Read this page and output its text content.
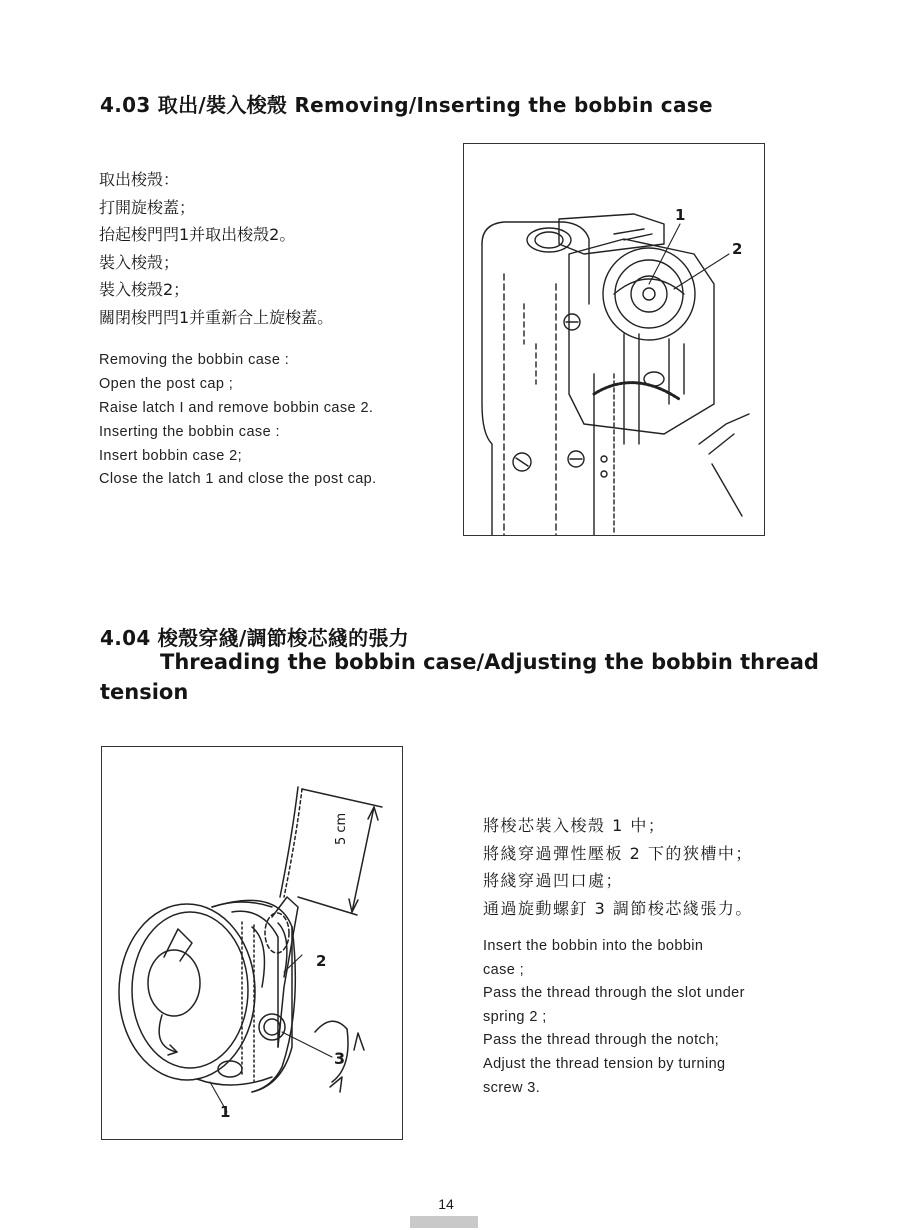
4.03 取出/裝入梭殼 Removing/Inserting the bobbin case
取出梭殼：
打開旋梭蓋；
抬起梭門閂1并取出梭殼2。
裝入梭殼；
裝入梭殼2；
關閉梭門閂1并重新合上旋梭蓋。
Removing the bobbin case :
Open the post cap ;
Raise latch I and remove bobbin case 2.
Inserting the bobbin case :
Insert bobbin case 2;
Close the latch 1 and close the post cap.
1
2
4.04 梭殼穿綫/調節梭芯綫的張力
Threading the bobbin case/Adjusting the bobbin thread
tension
5 cm
2
3
1
將梭芯裝入梭殼 1 中；
將綫穿過彈性壓板 2 下的狹槽中；
將綫穿過凹口處；
通過旋動螺釘 3 調節梭芯綫張力。
Insert the bobbin into the bobbin
case ;
Pass the thread through the slot under
spring 2 ;
Pass the thread through the notch;
Adjust the thread tension by turning
screw 3.
14
